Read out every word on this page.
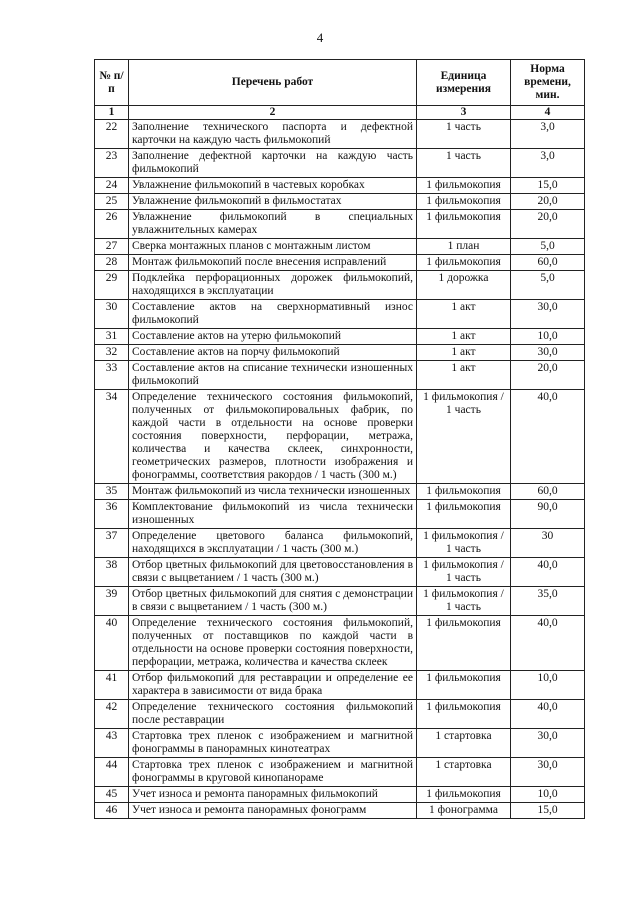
4
№ п/п	Перечень работ	Единица измерения	Норма времени, мин.
1	2	3	4
22	Заполнение технического паспорта и дефектной карточки на каждую часть фильмокопий	1 часть	3,0
23	Заполнение дефектной карточки на каждую часть фильмокопий	1 часть	3,0
24	Увлажнение фильмокопий в частевых коробках	1 фильмокопия	15,0
25	Увлажнение фильмокопий в фильмостатах	1 фильмокопия	20,0
26	Увлажнение фильмокопий в специальных увлажнительных камерах	1 фильмокопия	20,0
27	Сверка монтажных планов с монтажным листом	1 план	5,0
28	Монтаж фильмокопий после внесения исправлений	1 фильмокопия	60,0
29	Подклейка перфорационных дорожек фильмокопий, находящихся в эксплуатации	1 дорожка	5,0
30	Составление актов на сверхнормативный износ фильмокопий	1 акт	30,0
31	Составление актов на утерю фильмокопий	1 акт	10,0
32	Составление актов на порчу фильмокопий	1 акт	30,0
33	Составление актов на списание технически изношенных фильмокопий	1 акт	20,0
34	Определение технического состояния фильмокопий, полученных от фильмокопировальных фабрик, по каждой части в отдельности на основе проверки состояния поверхности, перфорации, метража, количества и качества склеек, синхронности, геометрических размеров, плотности изображения и фонограммы, соответствия ракордов / 1 часть (300 м.)	1 фильмокопия / 1 часть	40,0
35	Монтаж фильмокопий из числа технически изношенных	1 фильмокопия	60,0
36	Комплектование фильмокопий из числа технически изношенных	1 фильмокопия	90,0
37	Определение цветового баланса фильмокопий, находящихся в эксплуатации / 1 часть (300 м.)	1 фильмокопия / 1 часть	30
38	Отбор цветных фильмокопий для цветовосстановления в связи с выцветанием / 1 часть (300 м.)	1 фильмокопия / 1 часть	40,0
39	Отбор цветных фильмокопий для снятия с демонстрации в связи с выцветанием / 1 часть (300 м.)	1 фильмокопия / 1 часть	35,0
40	Определение технического состояния фильмокопий, полученных от поставщиков по каждой части в отдельности на основе проверки состояния поверхности, перфорации, метража, количества и качества склеек	1 фильмокопия	40,0
41	Отбор фильмокопий для реставрации и определение ее характера в зависимости от вида брака	1 фильмокопия	10,0
42	Определение технического состояния фильмокопий после реставрации	1 фильмокопия	40,0
43	Стартовка трех пленок с изображением и магнитной фонограммы в панорамных кинотеатрах	1 стартовка	30,0
44	Стартовка трех пленок с изображением и магнитной фонограммы в круговой кинопанораме	1 стартовка	30,0
45	Учет износа и ремонта панорамных фильмокопий	1 фильмокопия	10,0
46	Учет износа и ремонта панорамных фонограмм	1 фонограмма	15,0
